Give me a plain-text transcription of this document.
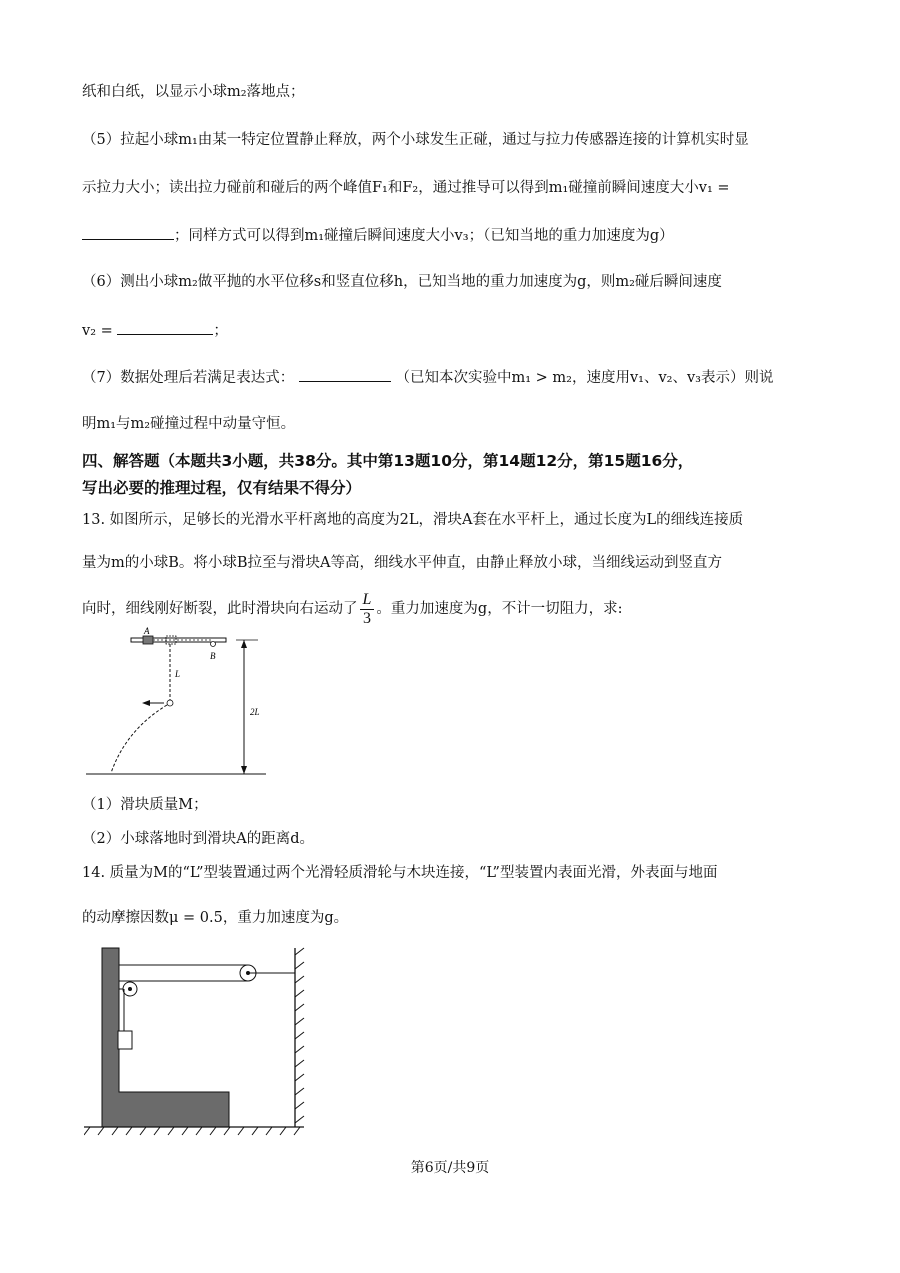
纸和白纸，以显示小球m₂落地点；
（5）拉起小球m₁由某一特定位置静止释放，两个小球发生正碰，通过与拉力传感器连接的计算机实时显
示拉力大小；读出拉力碰前和碰后的两个峰值F₁和F₂，通过推导可以得到m₁碰撞前瞬间速度大小v₁ =
；同样方式可以得到m₁碰撞后瞬间速度大小v₃；（已知当地的重力加速度为g）
（6）测出小球m₂做平抛的水平位移s和竖直位移h，已知当地的重力加速度为g，则m₂碰后瞬间速度
v₂ =	；
（7）数据处理后若满足表达式：	（已知本次实验中m₁ > m₂，速度用v₁、v₂、v₃表示）则说
明m₁与m₂碰撞过程中动量守恒。
四、解答题（本题共3小题，共38分。其中第13题10分，第14题12分，第15题16分，
写出必要的推理过程，仅有结果不得分）
13. 如图所示，足够长的光滑水平杆离地的高度为2L，滑块A套在水平杆上，通过长度为L的细线连接质
量为m的小球B。将小球B拉至与滑块A等高，细线水平伸直，由静止释放小球，当细线运动到竖直方
向时，细线刚好断裂，此时滑块向右运动了 $\frac{L}{3}$ 。重力加速度为g，不计一切阻力，求:
A
B
L
2L
（1）滑块质量M；
（2）小球落地时到滑块A的距离d。
14. 质量为M的“L”型装置通过两个光滑轻质滑轮与木块连接，“L”型装置内表面光滑，外表面与地面
的动摩擦因数μ = 0.5，重力加速度为g。
第6页/共9页
